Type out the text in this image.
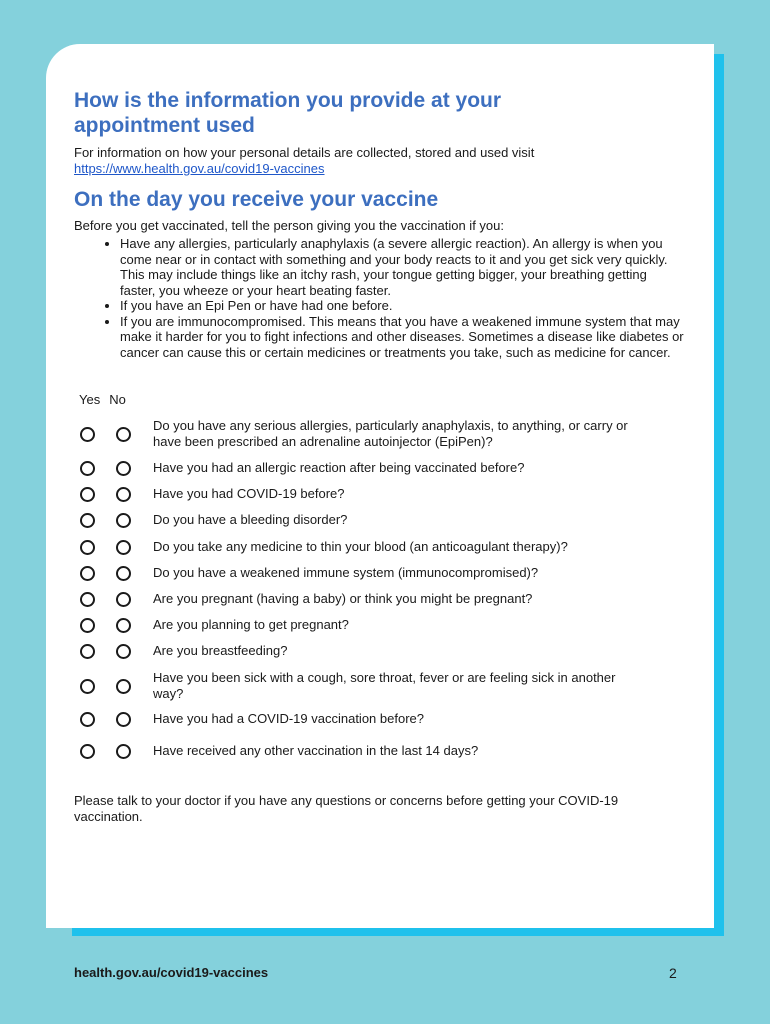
How is the information you provide at your appointment used
For information on how your personal details are collected, stored and used visit
https://www.health.gov.au/covid19-vaccines
On the day you receive your vaccine
Before you get vaccinated, tell the person giving you the vaccination if you:
• Have any allergies, particularly anaphylaxis (a severe allergic reaction). An allergy is when you come near or in contact with something and your body reacts to it and you get sick very quickly. This may include things like an itchy rash, your tongue getting bigger, your breathing getting faster, you wheeze or your heart beating faster.
• If you have an Epi Pen or have had one before.
• If you are immunocompromised. This means that you have a weakened immune system that may make it harder for you to fight infections and other diseases. Sometimes a disease like diabetes or cancer can cause this or certain medicines or treatments you take, such as medicine for cancer.
Yes No
Do you have any serious allergies, particularly anaphylaxis, to anything, or carry or have been prescribed an adrenaline autoinjector (EpiPen)?
Have you had an allergic reaction after being vaccinated before?
Have you had COVID-19 before?
Do you have a bleeding disorder?
Do you take any medicine to thin your blood (an anticoagulant therapy)?
Do you have a weakened immune system (immunocompromised)?
Are you pregnant (having a baby) or think you might be pregnant?
Are you planning to get pregnant?
Are you breastfeeding?
Have you been sick with a cough, sore throat, fever or are feeling sick in another way?
Have you had a COVID-19 vaccination before?
Have received any other vaccination in the last 14 days?
Please talk to your doctor if you have any questions or concerns before getting your COVID-19 vaccination.
health.gov.au/covid19-vaccines	2
